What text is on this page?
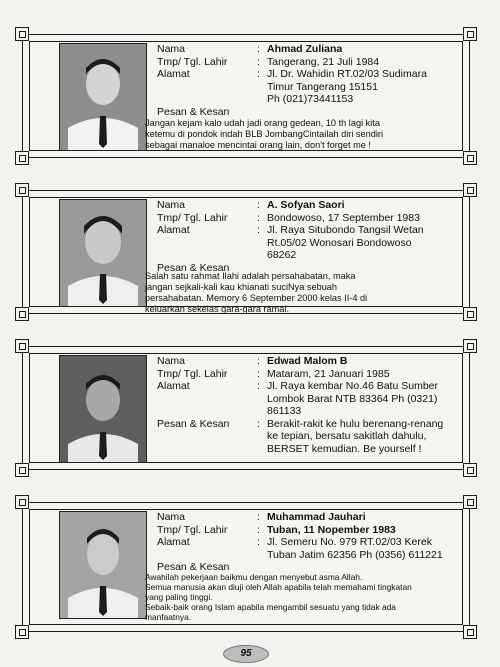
Nama	: Ahmad Zuliana
Tmp/ Tgl. Lahir	: Tangerang, 21 Juli 1984
Alamat	: Jl. Dr. Wahidin RT.02/03 Sudimara
Timur Tangerang 15151
Ph (021)73441153
Pesan & Kesan
Jangan kejam kalo udah jadi orang gedean, 10 th lagi kita
ketemu di pondok indah BLB JombangCintailah diri sendiri
sebagai manaloe mencintai orang lain, don't forget me !
Nama	: A. Sofyan Saori
Tmp/ Tgl. Lahir	: Bondowoso, 17 September 1983
Alamat	: Jl. Raya Situbondo Tangsil Wetan
Rt.05/02 Wonosari Bondowoso
68262
Pesan & Kesan
Salah satu rahmat Ilahi adalah persahabatan, maka
jangan sejkali-kali kau khianati suciNya sebuah
persahabatan. Memory 6 September 2000 kelas II-4 di
keluarkan sekelas gara-gara ramai.
Nama	: Edwad Malom B
Tmp/ Tgl. Lahir	: Mataram, 21 Januari 1985
Alamat	: Jl. Raya kembar No.46 Batu Sumber
Lombok Barat NTB 83364 Ph (0321)
861133
Pesan & Kesan	: Berakit-rakit ke hulu berenang-renang
ke tepian, bersatu sakitlah dahulu,
BERSET kemudian. Be yourself !
Nama	: Muhammad Jauhari
Tmp/ Tgl. Lahir	: Tuban, 11 Nopember 1983
Alamat	: Jl. Semeru No. 979 RT.02/03 Kerek
Tuban Jatim 62356 Ph (0356) 611221
Pesan & Kesan
Awahilah pekerjaan baikmu dengan menyebut asma Allah.
Semua manusia akan diuji oleh Allah apabila telah memahami tingkatan
yang paling tinggi.
Sebaik-baik orang Islam apabila mengambil sesuatu yang tidak ada
manfaatnya.
95
